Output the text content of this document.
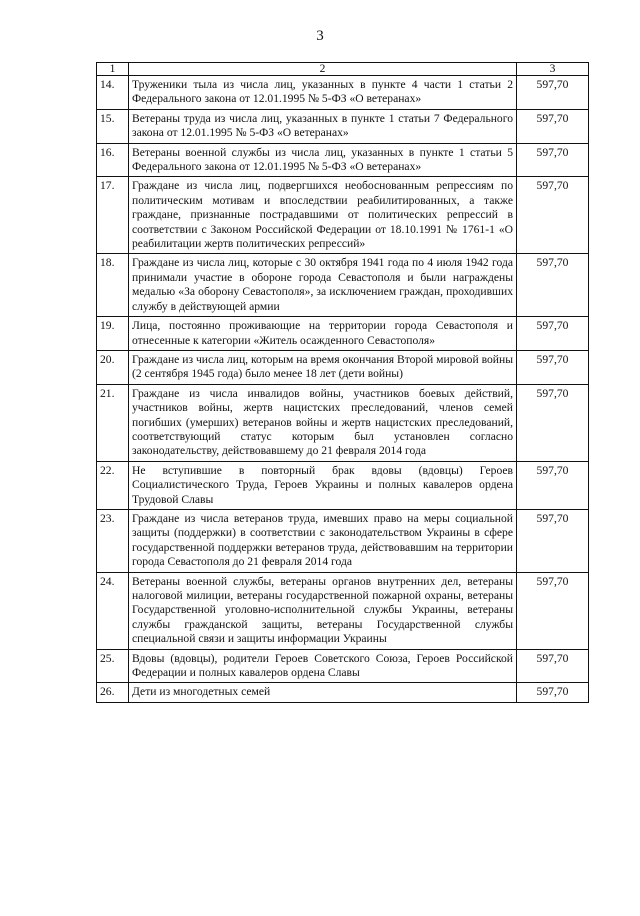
3
1	2	3
14.	Труженики тыла из числа лиц, указанных в пункте 4 части 1 статьи 2 Федерального закона от 12.01.1995 № 5-ФЗ «О ветеранах»	597,70
15.	Ветераны труда из числа лиц, указанных в пункте 1 статьи 7 Федерального закона от 12.01.1995 № 5-ФЗ «О ветеранах»	597,70
16.	Ветераны военной службы из числа лиц, указанных в пункте 1 статьи 5 Федерального закона от 12.01.1995 № 5-ФЗ «О ветеранах»	597,70
17.	Граждане из числа лиц, подвергшихся необоснованным репрессиям по политическим мотивам и впоследствии реабилитированных, а также граждане, признанные пострадавшими от политических репрессий в соответствии с Законом Российской Федерации от 18.10.1991 № 1761-1 «О реабилитации жертв политических репрессий»	597,70
18.	Граждане из числа лиц, которые с 30 октября 1941 года по 4 июля 1942 года принимали участие в обороне города Севастополя и были награждены медалью «За оборону Севастополя», за исключением граждан, проходивших службу в действующей армии	597,70
19.	Лица, постоянно проживающие на территории города Севастополя и отнесенные к категории «Житель осажденного Севастополя»	597,70
20.	Граждане из числа лиц, которым на время окончания Второй мировой войны (2 сентября 1945 года) было менее 18 лет (дети войны)	597,70
21.	Граждане из числа инвалидов войны, участников боевых действий, участников войны, жертв нацистских преследований, членов семей погибших (умерших) ветеранов войны и жертв нацистских преследований, соответствующий статус которым был установлен согласно законодательству, действовавшему до 21 февраля 2014 года	597,70
22.	Не вступившие в повторный брак вдовы (вдовцы) Героев Социалистического Труда, Героев Украины и полных кавалеров ордена Трудовой Славы	597,70
23.	Граждане из числа ветеранов труда, имевших право на меры социальной защиты (поддержки) в соответствии с законодательством Украины в сфере государственной поддержки ветеранов труда, действовавшим на территории города Севастополя до 21 февраля 2014 года	597,70
24.	Ветераны военной службы, ветераны органов внутренних дел, ветераны налоговой милиции, ветераны государственной пожарной охраны, ветераны Государственной уголовно-исполнительной службы Украины, ветераны службы гражданской защиты, ветераны Государственной службы специальной связи и защиты информации Украины	597,70
25.	Вдовы (вдовцы), родители Героев Советского Союза, Героев Российской Федерации и полных кавалеров ордена Славы	597,70
26.	Дети из многодетных семей	597,70
